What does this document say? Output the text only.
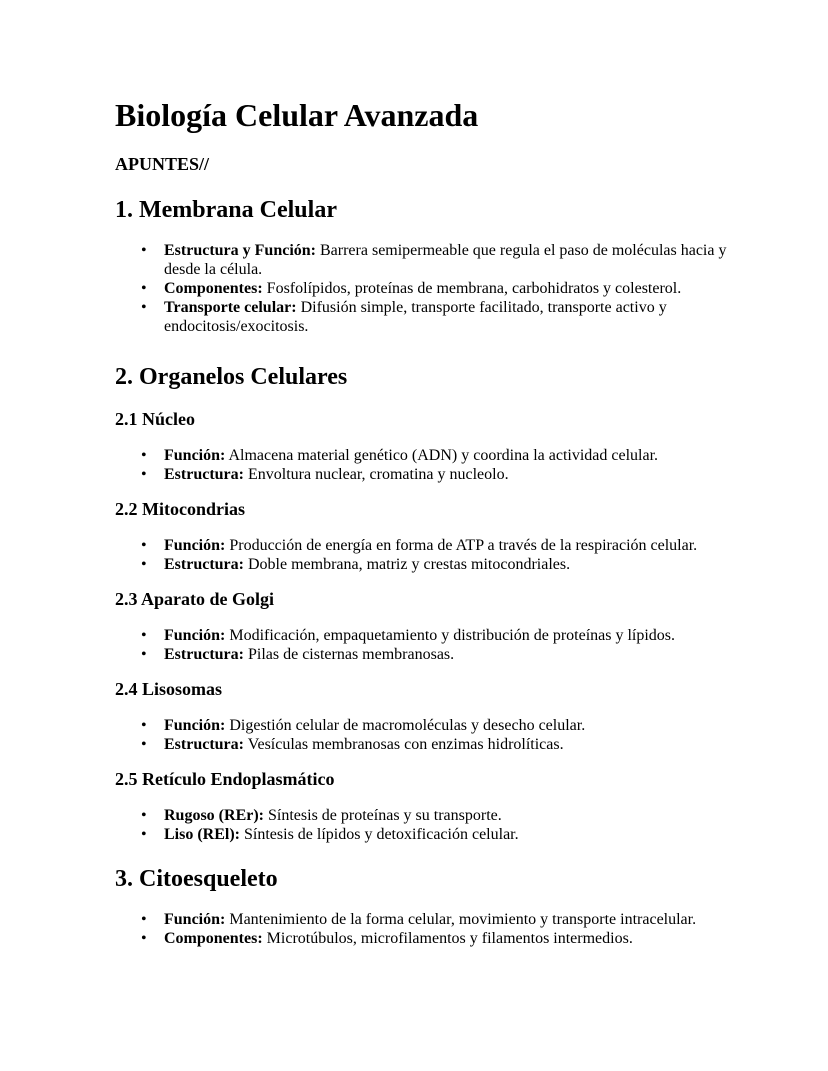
Biología Celular Avanzada
APUNTES//
1. Membrana Celular
• Estructura y Función: Barrera semipermeable que regula el paso de moléculas hacia y desde la célula.
• Componentes: Fosfolípidos, proteínas de membrana, carbohidratos y colesterol.
• Transporte celular: Difusión simple, transporte facilitado, transporte activo y endocitosis/exocitosis.
2. Organelos Celulares
2.1 Núcleo
• Función: Almacena material genético (ADN) y coordina la actividad celular.
• Estructura: Envoltura nuclear, cromatina y nucleolo.
2.2 Mitocondrias
• Función: Producción de energía en forma de ATP a través de la respiración celular.
• Estructura: Doble membrana, matriz y crestas mitocondriales.
2.3 Aparato de Golgi
• Función: Modificación, empaquetamiento y distribución de proteínas y lípidos.
• Estructura: Pilas de cisternas membranosas.
2.4 Lisosomas
• Función: Digestión celular de macromoléculas y desecho celular.
• Estructura: Vesículas membranosas con enzimas hidrolíticas.
2.5 Retículo Endoplasmático
• Rugoso (REr): Síntesis de proteínas y su transporte.
• Liso (REl): Síntesis de lípidos y detoxificación celular.
3. Citoesqueleto
• Función: Mantenimiento de la forma celular, movimiento y transporte intracelular.
• Componentes: Microtúbulos, microfilamentos y filamentos intermedios.
